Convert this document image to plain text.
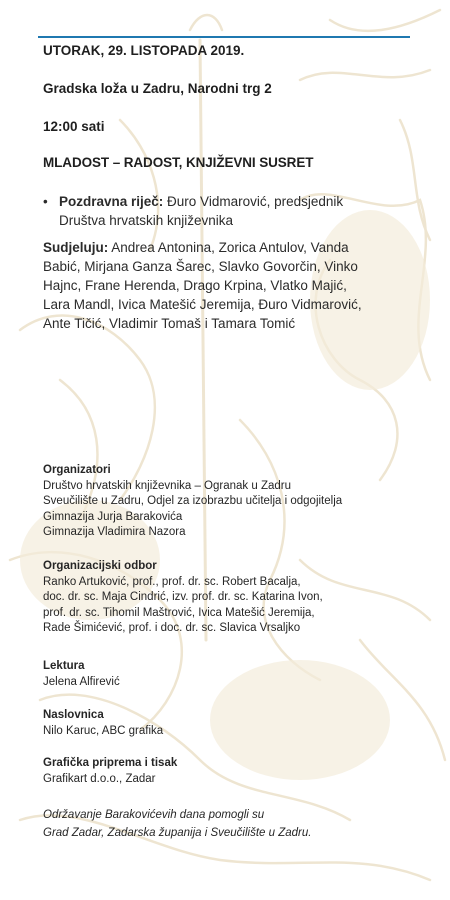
UTORAK, 29. LISTOPADA 2019.
Gradska loža u Zadru, Narodni trg 2
12:00 sati
MLADOST – RADOST, KNJIŽEVNI SUSRET
• Pozdravna riječ: Đuro Vidmarović, predsjednik
Društva hrvatskih književnika
Sudjeluju: Andrea Antonina, Zorica Antulov, Vanda
Babić, Mirjana Ganza Šarec, Slavko Govorčin, Vinko
Hajnc, Frane Herenda, Drago Krpina, Vlatko Majić,
Lara Mandl, Ivica Matešić Jeremija, Đuro Vidmarović,
Ante Tičić, Vladimir Tomaš i Tamara Tomić
Organizatori
Društvo hrvatskih književnika – Ogranak u Zadru
Sveučilište u Zadru, Odjel za izobrazbu učitelja i odgojitelja
Gimnazija Jurja Barakovića
Gimnazija Vladimira Nazora
Organizacijski odbor
Ranko Artuković, prof., prof. dr. sc. Robert Bacalja,
doc. dr. sc. Maja Cindrić, izv. prof. dr. sc. Katarina Ivon,
prof. dr. sc. Tihomil Maštrović, Ivica Matešić Jeremija,
Rade Šimićević, prof. i doc. dr. sc. Slavica Vrsaljko
Lektura
Jelena Alfirević
Naslovnica
Nilo Karuc, ABC grafika
Grafička priprema i tisak
Grafikart d.o.o., Zadar
Održavanje Barakovićevih dana pomogli su
Grad Zadar, Zadarska županija i Sveučilište u Zadru.
